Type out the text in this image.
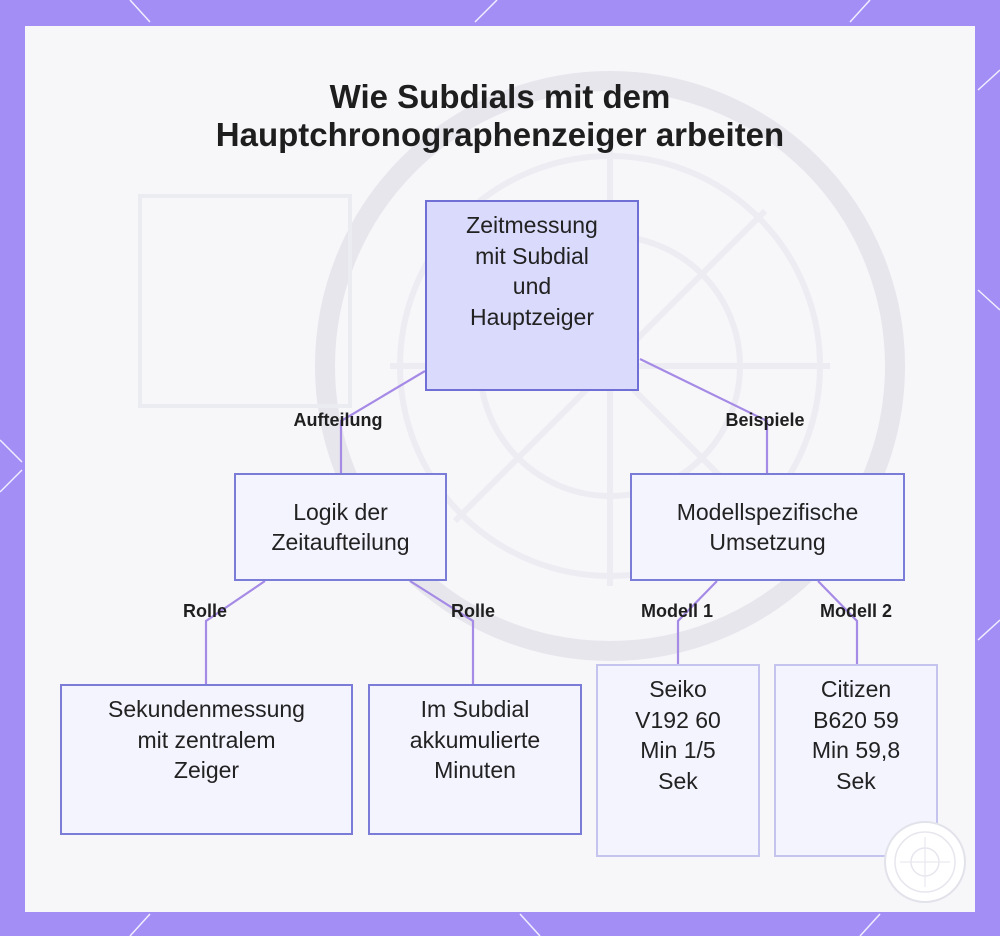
Wie Subdials mit dem
Hauptchronographenzeiger arbeiten
Zeitmessung
mit Subdial
und
Hauptzeiger
Logik der
Zeitaufteilung
Modellspezifische
Umsetzung
Sekundenmessung
mit zentralem
Zeiger
Im Subdial
akkumulierte
Minuten
Seiko
V192 60
Min 1/5
Sek
Citizen
B620 59
Min 59,8
Sek
Aufteilung	Beispiele
Rolle	Rolle	Modell 1	Modell 2
